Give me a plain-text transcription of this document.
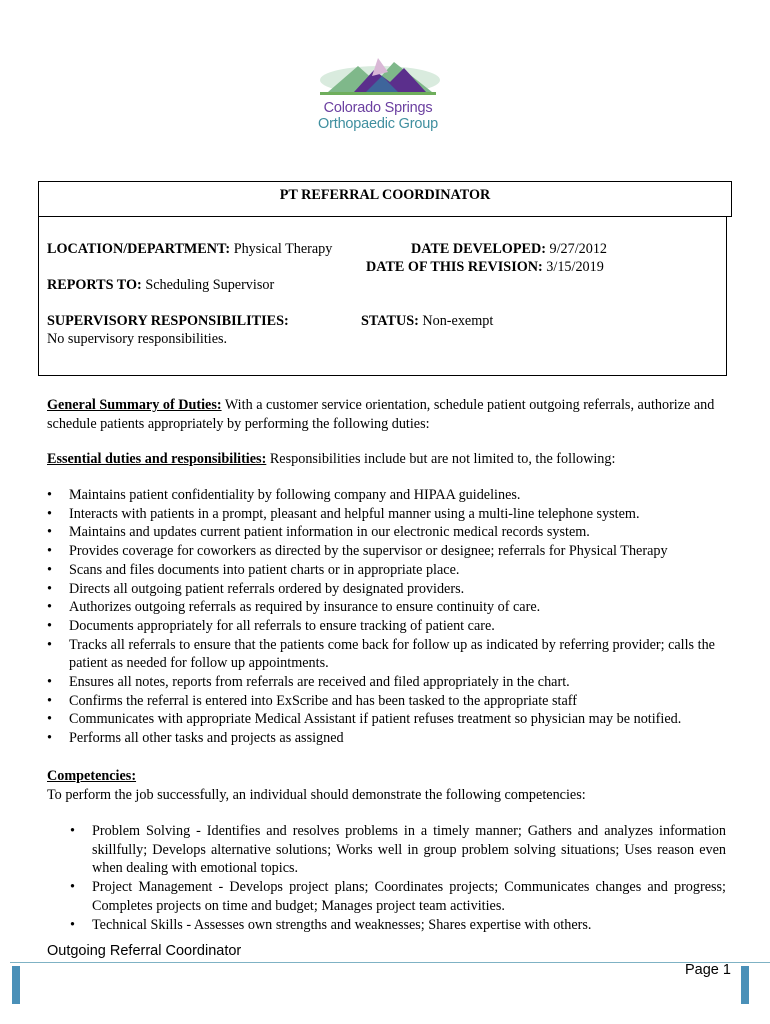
Colorado Springs
Orthopaedic Group
PT REFERRAL COORDINATOR
LOCATION/DEPARTMENT: Physical Therapy	DATE DEVELOPED: 9/27/2012
DATE OF THIS REVISION: 3/15/2019
REPORTS TO: Scheduling Supervisor
SUPERVISORY RESPONSIBILITIES:
No supervisory responsibilities.
STATUS: Non-exempt
General Summary of Duties: With a customer service orientation, schedule patient outgoing referrals, authorize and schedule patients appropriately by performing the following duties:
Essential duties and responsibilities: Responsibilities include but are not limited to, the following:
• Maintains patient confidentiality by following company and HIPAA guidelines.
• Interacts with patients in a prompt, pleasant and helpful manner using a multi-line telephone system.
• Maintains and updates current patient information in our electronic medical records system.
• Provides coverage for coworkers as directed by the supervisor or designee; referrals for Physical Therapy
• Scans and files documents into patient charts or in appropriate place.
• Directs all outgoing patient referrals ordered by designated providers.
• Authorizes outgoing referrals as required by insurance to ensure continuity of care.
• Documents appropriately for all referrals to ensure tracking of patient care.
• Tracks all referrals to ensure that the patients come back for follow up as indicated by referring provider; calls the patient as needed for follow up appointments.
• Ensures all notes, reports from referrals are received and filed appropriately in the chart.
• Confirms the referral is entered into ExScribe and has been tasked to the appropriate staff
• Communicates with appropriate Medical Assistant if patient refuses treatment so physician may be notified.
• Performs all other tasks and projects as assigned
Competencies:
To perform the job successfully, an individual should demonstrate the following competencies:
• Problem Solving - Identifies and resolves problems in a timely manner; Gathers and analyzes information skillfully; Develops alternative solutions; Works well in group problem solving situations; Uses reason even when dealing with emotional topics.
• Project Management - Develops project plans; Coordinates projects; Communicates changes and progress; Completes projects on time and budget; Manages project team activities.
• Technical Skills - Assesses own strengths and weaknesses; Shares expertise with others.
Outgoing Referral Coordinator
Page 1
